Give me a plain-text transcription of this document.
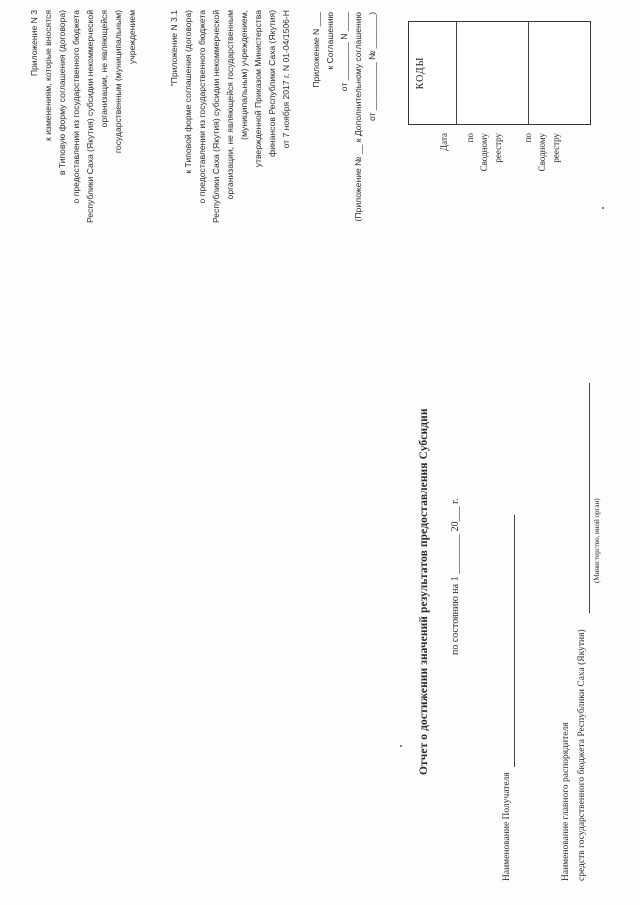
Приложение N 3 к изменениям, которые вносятся в Типовую форму соглашения (договора) о предоставлении из государственного бюджета Республики Саха (Якутия) субсидии некоммерческой организации, не являющейся государственным (муниципальным) учреждением	"Приложение N 3.1 к Типовой форме соглашения (договора) о предоставлении из государственного бюджета Республики Саха (Якутия) субсидии некоммерческой организации, не являющейся государственным (муниципальным) учреждением, утвержденной Приказом Министерства финансов Республики Саха (Якутия) от 7 ноября 2017 г. N 01-04/1506-Н Приложение N ___ к Соглашению от ________ N ____ (Приложение № __ к Дополнительному соглашению от __________ № _______)	КОДЫ
Дата по Сводному реестру по Сводному реестру
Отчет о достижении значений результатов предоставления Субсидии по состоянию на 1 ________ 20___ г.
Наименование Получателя	Наименование главного распорядителя средств государственного бюджета Республики Саха (Якутия)
(Министерство, иной орган)
